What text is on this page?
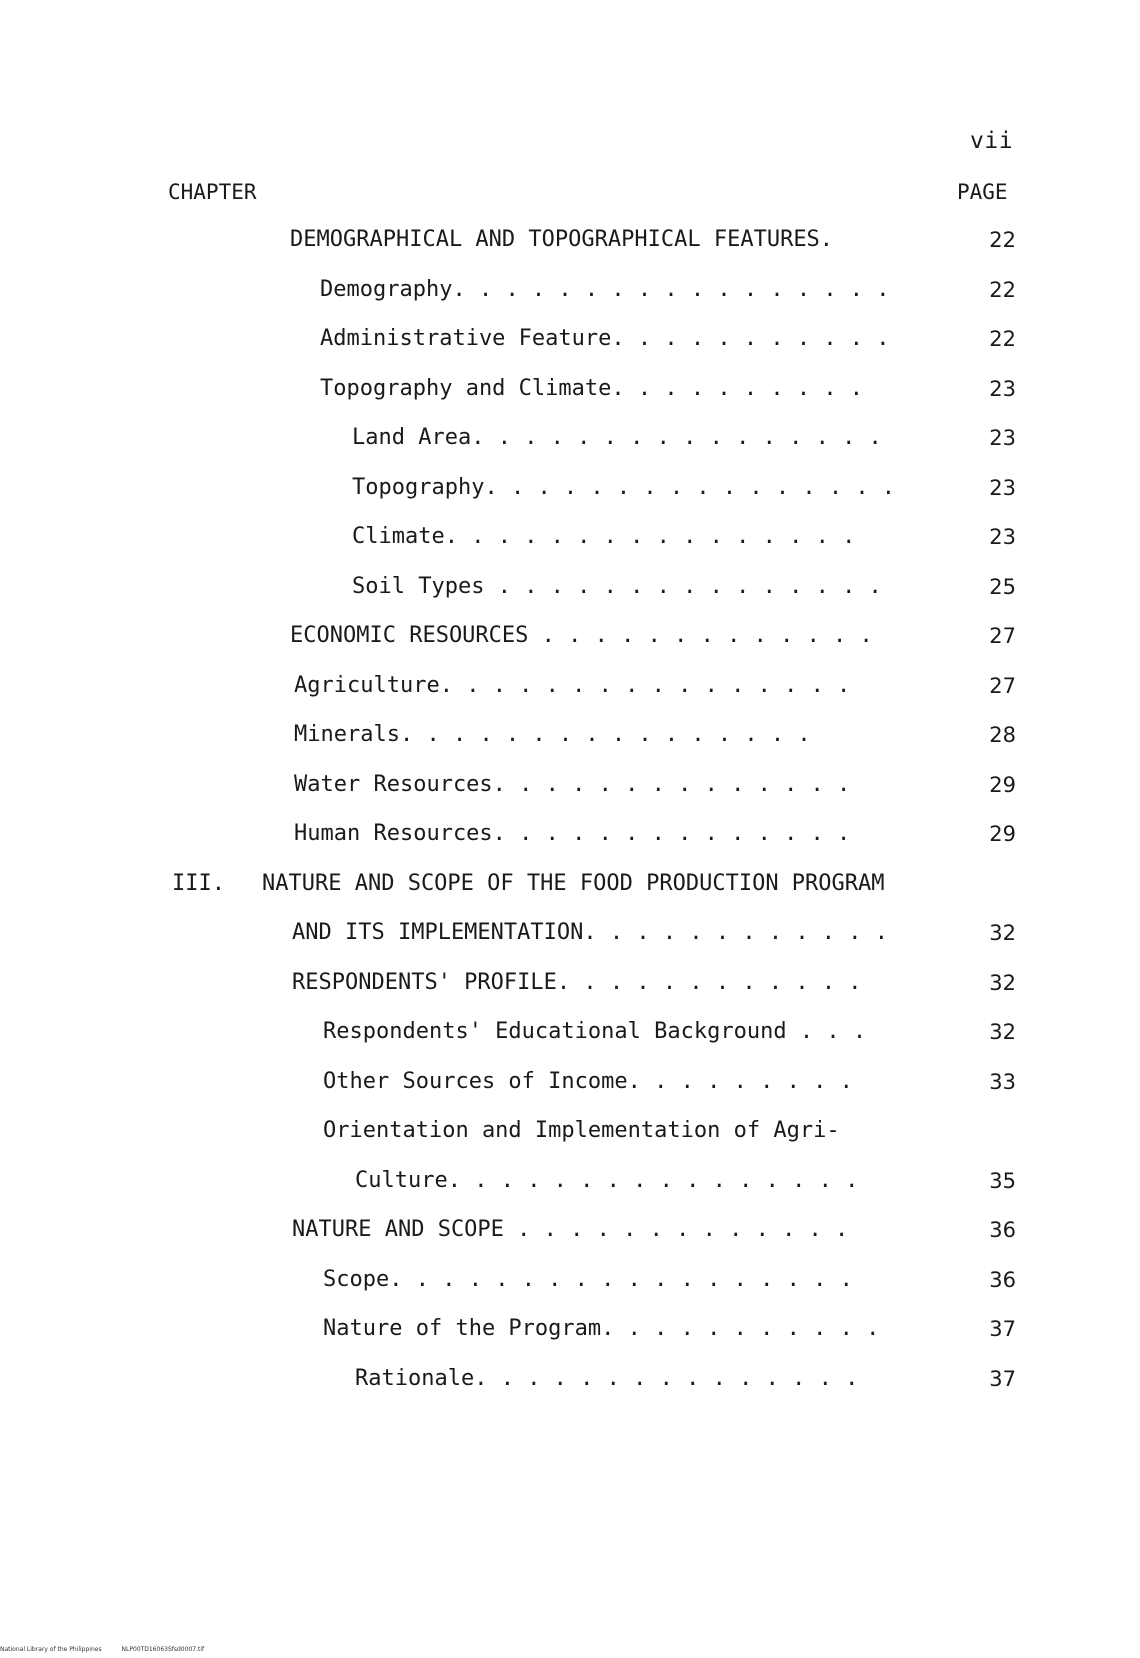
vii
CHAPTER	PAGE
DEMOGRAPHICAL AND TOPOGRAPHICAL FEATURES.	22
Demography. . . . . . . . . . . . . . . . .	22
Administrative Feature. . . . . . . . . . .	22
Topography and Climate. . . . . . . . . .	23
Land Area. . . . . . . . . . . . . . . .	23
Topography. . . . . . . . . . . . . . . .	23
Climate. . . . . . . . . . . . . . . .	23
Soil Types . . . . . . . . . . . . . . .	25
ECONOMIC RESOURCES . . . . . . . . . . . . .	27
Agriculture. . . . . . . . . . . . . . . .	27
Minerals. . . . . . . . . . . . . . . .	28
Water Resources. . . . . . . . . . . . . .	29
Human Resources. . . . . . . . . . . . . .	29
III. NATURE AND SCOPE OF THE FOOD PRODUCTION PROGRAM
AND ITS IMPLEMENTATION. . . . . . . . . . . .	32
RESPONDENTS' PROFILE. . . . . . . . . . . .	32
Respondents' Educational Background . . .	32
Other Sources of Income. . . . . . . . .	33
Orientation and Implementation of Agri-
Culture. . . . . . . . . . . . . . . .	35
NATURE AND SCOPE . . . . . . . . . . . . .	36
Scope. . . . . . . . . . . . . . . . . .	36
Nature of the Program. . . . . . . . . . .	37
Rationale. . . . . . . . . . . . . . .	37
National Library of the Philippines	NLP00TD16063Sfsd0007.tif
